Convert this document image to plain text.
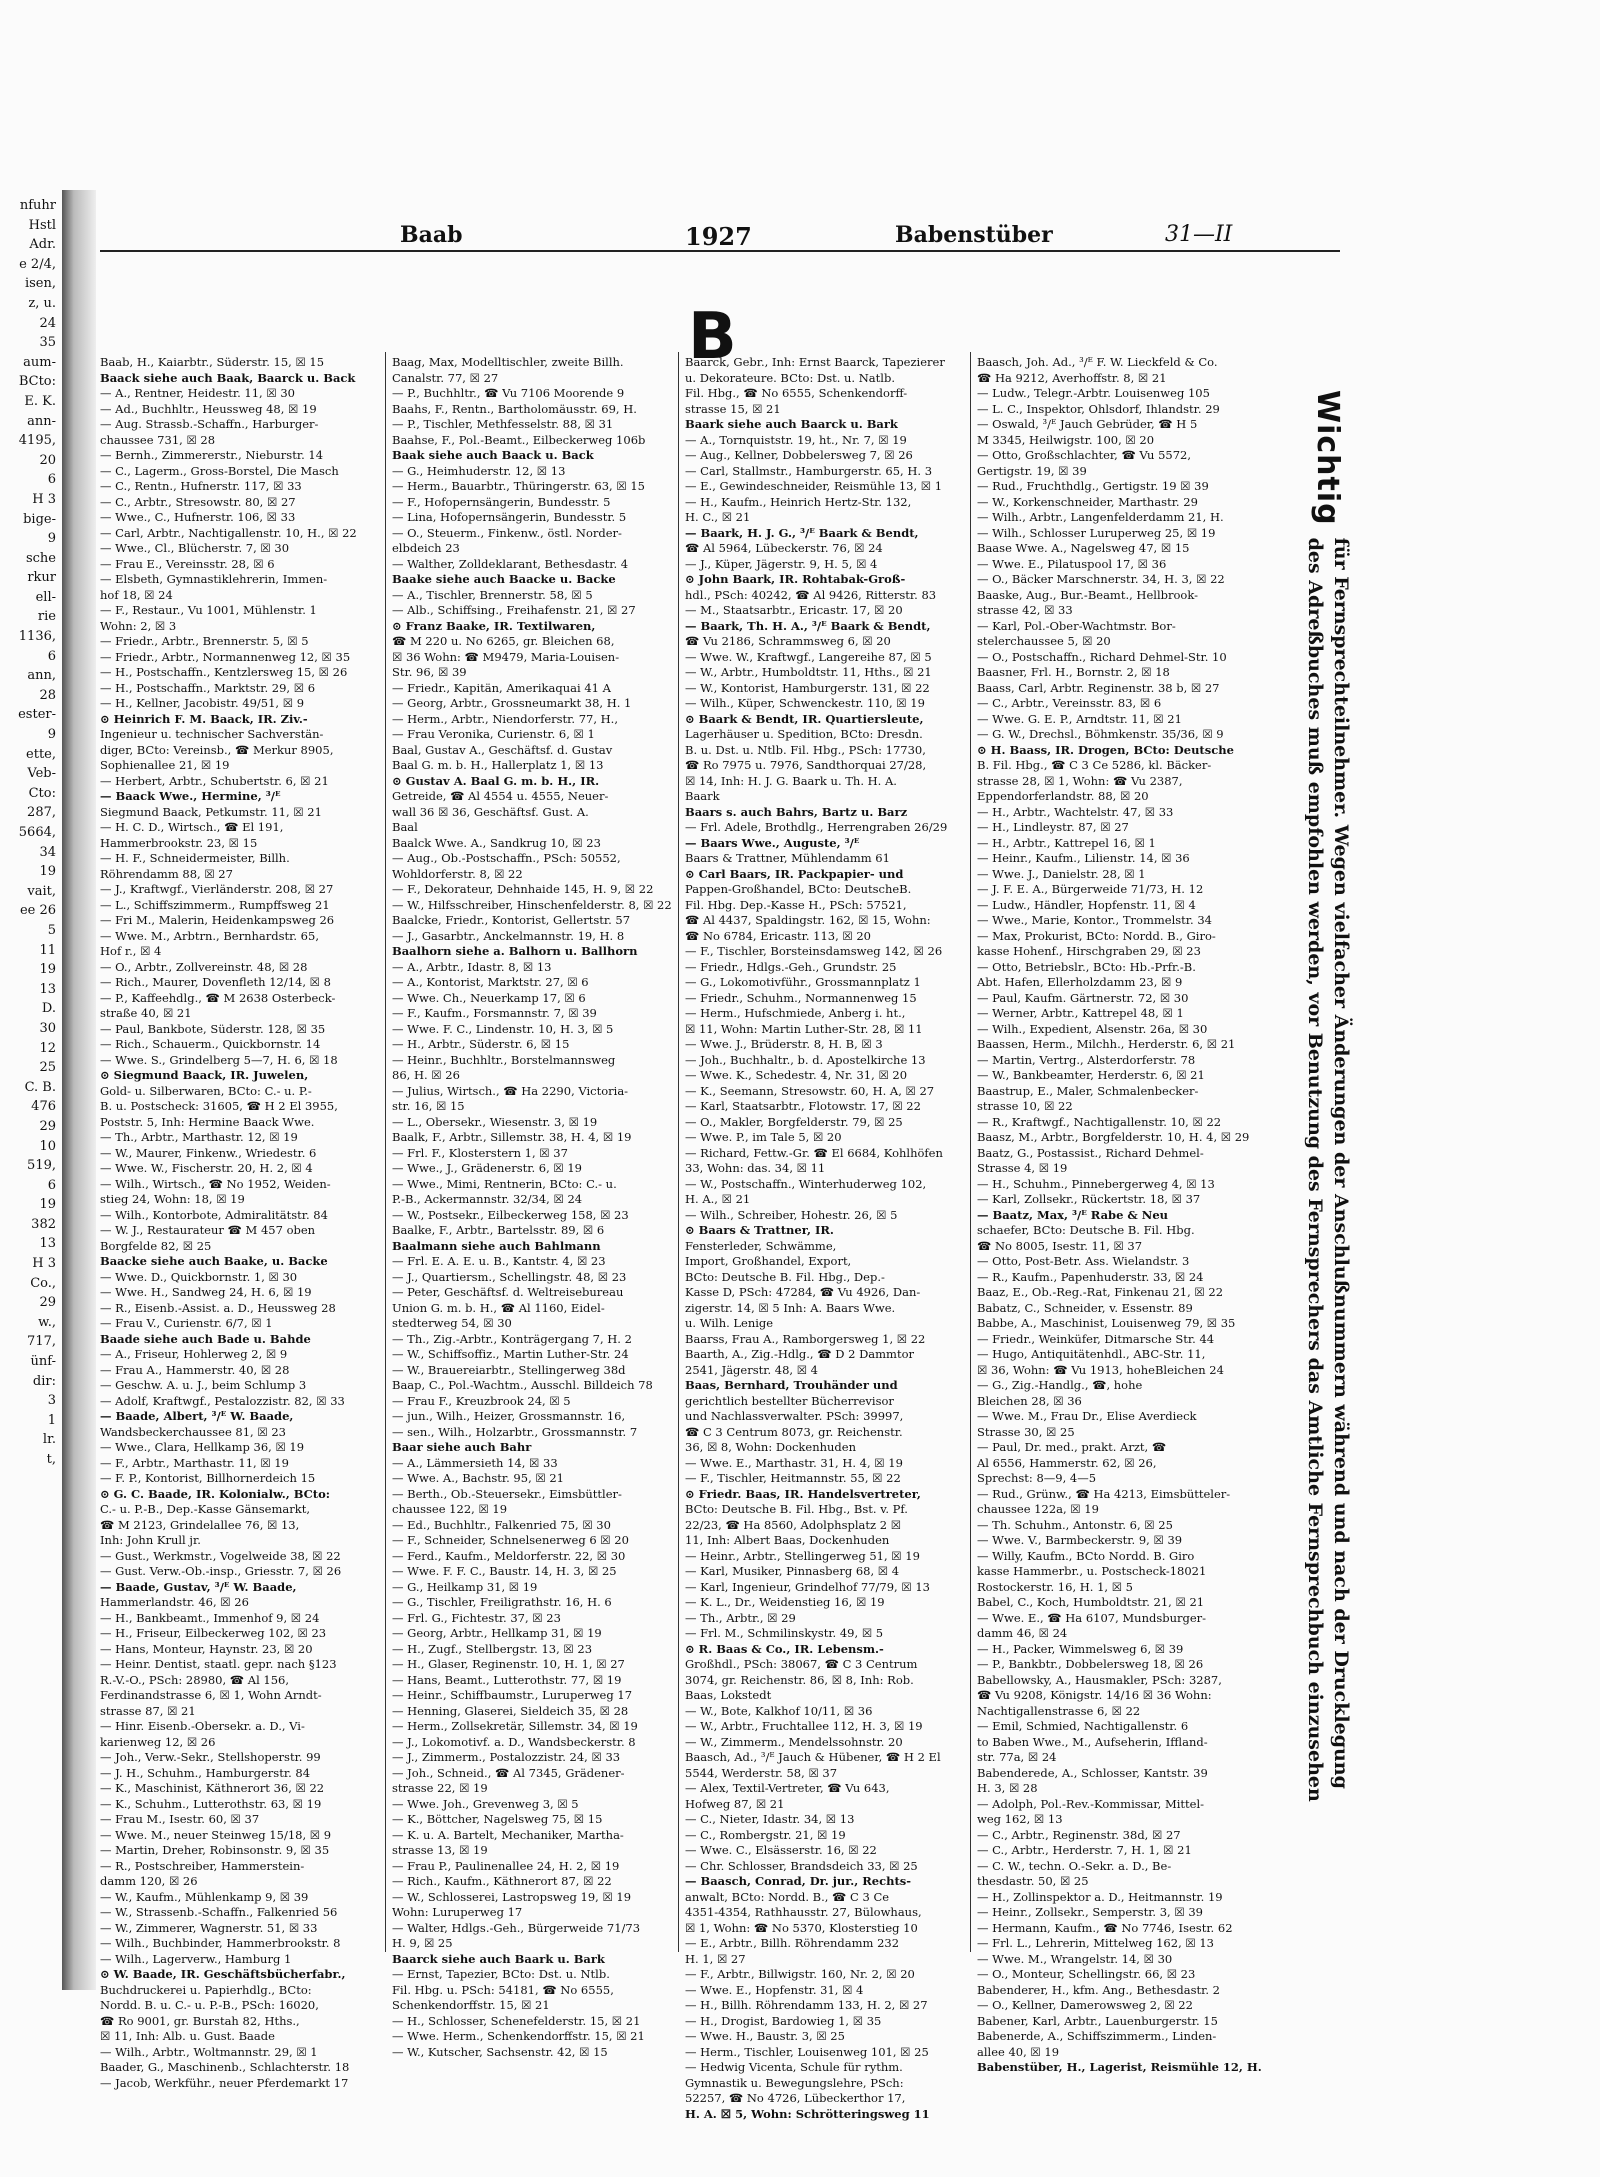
nfuhr
Hstl
Adr.
e 2/4,
isen,
z, u.
24
35
aum-
BCto:
E. K.
ann-
4195,
20
6
H 3
bige-
9
sche
rkur
ell-
rie
1136,
6
ann,
28
ester-
9
ette,
Veb-
Cto:
287,
5664,
34
19
vait,
ee 26
5
11
19
13
D.
30
12
25
C. B.
476
29
10
519,
6
19
382
13
H 3
Co.,
29
w.,
717,
ünf-
dir:
3
1
lr.
t,
Baab	1927	Babenstüber	31—II
B
Baab, H., Kaiarbtr., Süderstr. 15, ☒ 15
Baack siehe auch Baak, Baarck u. Back
— A., Rentner, Heidestr. 11, ☒ 30
— Ad., Buchhltr., Heussweg 48, ☒ 19
— Aug. Strassb.-Schaffn., Harburger-
chaussee 731, ☒ 28
— Bernh., Zimmererstr., Nieburstr. 14
— C., Lagerm., Gross-Borstel, Die Masch
— C., Rentn., Hufnerstr. 117, ☒ 33
— C., Arbtr., Stresowstr. 80, ☒ 27
— Wwe., C., Hufnerstr. 106, ☒ 33
— Carl, Arbtr., Nachtigallenstr. 10, H., ☒ 22
— Wwe., Cl., Blücherstr. 7, ☒ 30
— Frau E., Vereinsstr. 28, ☒ 6
— Elsbeth, Gymnastiklehrerin, Immen-
hof 18, ☒ 24
— F., Restaur., Vu 1001, Mühlenstr. 1
Wohn: 2, ☒ 3
— Friedr., Arbtr., Brennerstr. 5, ☒ 5
— Friedr., Arbtr., Normannenweg 12, ☒ 35
— H., Postschaffn., Kentzlersweg 15, ☒ 26
— H., Postschaffn., Marktstr. 29, ☒ 6
— H., Kellner, Jacobistr. 49/51, ☒ 9
⊙ Heinrich F. M. Baack, IR. Ziv.-
Ingenieur u. technischer Sachverstän-
diger, BCto: Vereinsb., ☎ Merkur 8905,
Sophienallee 21, ☒ 19
— Herbert, Arbtr., Schubertstr. 6, ☒ 21
— Baack Wwe., Hermine, ³/ᴱ
Siegmund Baack, Petkumstr. 11, ☒ 21
— H. C. D., Wirtsch., ☎ El 191,
Hammerbrookstr. 23, ☒ 15
— H. F., Schneidermeister, Billh.
Röhrendamm 88, ☒ 27
— J., Kraftwgf., Vierländerstr. 208, ☒ 27
— L., Schiffszimmerm., Rumpffsweg 21
— Fri M., Malerin, Heidenkampsweg 26
— Wwe. M., Arbtrn., Bernhardstr. 65,
Hof r., ☒ 4
— O., Arbtr., Zollvereinstr. 48, ☒ 28
— Rich., Maurer, Dovenfleth 12/14, ☒ 8
— P., Kaffeehdlg., ☎ M 2638 Osterbeck-
straße 40, ☒ 21
— Paul, Bankbote, Süderstr. 128, ☒ 35
— Rich., Schauerm., Quickbornstr. 14
— Wwe. S., Grindelberg 5—7, H. 6, ☒ 18
⊙ Siegmund Baack, IR. Juwelen,
Gold- u. Silberwaren, BCto: C.- u. P.-
B. u. Postscheck: 31605, ☎ H 2 El 3955,
Poststr. 5, Inh: Hermine Baack Wwe.
— Th., Arbtr., Marthastr. 12, ☒ 19
— W., Maurer, Finkenw., Wriedestr. 6
— Wwe. W., Fischerstr. 20, H. 2, ☒ 4
— Wilh., Wirtsch., ☎ No 1952, Weiden-
stieg 24, Wohn: 18, ☒ 19
— Wilh., Kontorbote, Admiralitätstr. 84
— W. J., Restaurateur ☎ M 457 oben
Borgfelde 82, ☒ 25
Baacke siehe auch Baake, u. Backe
— Wwe. D., Quickbornstr. 1, ☒ 30
— Wwe. H., Sandweg 24, H. 6, ☒ 19
— R., Eisenb.-Assist. a. D., Heussweg 28
— Frau V., Curienstr. 6/7, ☒ 1
Baade siehe auch Bade u. Bahde
— A., Friseur, Hohlerweg 2, ☒ 9
— Frau A., Hammerstr. 40, ☒ 28
— Geschw. A. u. J., beim Schlump 3
— Adolf, Kraftwgf., Pestalozzistr. 82, ☒ 33
— Baade, Albert, ³/ᴱ W. Baade,
Wandsbeckerchaussee 81, ☒ 23
— Wwe., Clara, Hellkamp 36, ☒ 19
— F., Arbtr., Marthastr. 11, ☒ 19
— F. P., Kontorist, Billhornerdeich 15
⊙ G. C. Baade, IR. Kolonialw., BCto:
C.- u. P.-B., Dep.-Kasse Gänsemarkt,
☎ M 2123, Grindelallee 76, ☒ 13,
Inh: John Krull jr.
— Gust., Werkmstr., Vogelweide 38, ☒ 22
— Gust. Verw.-Ob.-insp., Griesstr. 7, ☒ 26
— Baade, Gustav, ³/ᴱ W. Baade,
Hammerlandstr. 46, ☒ 26
— H., Bankbeamt., Immenhof 9, ☒ 24
— H., Friseur, Eilbeckerweg 102, ☒ 23
— Hans, Monteur, Haynstr. 23, ☒ 20
— Heinr. Dentist, staatl. gepr. nach §123
R.-V.-O., PSch: 28980, ☎ Al 156,
Ferdinandstrasse 6, ☒ 1, Wohn Arndt-
strasse 87, ☒ 21
— Hinr. Eisenb.-Obersekr. a. D., Vi-
karienweg 12, ☒ 26
— Joh., Verw.-Sekr., Stellshoperstr. 99
— J. H., Schuhm., Hamburgerstr. 84
— K., Maschinist, Käthnerort 36, ☒ 22
— K., Schuhm., Lutterothstr. 63, ☒ 19
— Frau M., Isestr. 60, ☒ 37
— Wwe. M., neuer Steinweg 15/18, ☒ 9
— Martin, Dreher, Robinsonstr. 9, ☒ 35
— R., Postschreiber, Hammerstein-
damm 120, ☒ 26
— W., Kaufm., Mühlenkamp 9, ☒ 39
— W., Strassenb.-Schaffn., Falkenried 56
— W., Zimmerer, Wagnerstr. 51, ☒ 33
— Wilh., Buchbinder, Hammerbrookstr. 8
— Wilh., Lagerverw., Hamburg 1
⊙ W. Baade, IR. Geschäftsbücherfabr.,
Buchdruckerei u. Papierhdlg., BCto:
Nordd. B. u. C.- u. P.-B., PSch: 16020,
☎ Ro 9001, gr. Burstah 82, Hths.,
☒ 11, Inh: Alb. u. Gust. Baade
— Wilh., Arbtr., Woltmannstr. 29, ☒ 1
Baader, G., Maschinenb., Schlachterstr. 18
— Jacob, Werkführ., neuer Pferdemarkt 17
Baag, Max, Modelltischler, zweite Billh.
Canalstr. 77, ☒ 27
— P., Buchhltr., ☎ Vu 7106 Moorende 9
Baahs, F., Rentn., Bartholomäusstr. 69, H.
— P., Tischler, Methfesselstr. 88, ☒ 31
Baahse, F., Pol.-Beamt., Eilbeckerweg 106b
Baak siehe auch Baack u. Back
— G., Heimhuderstr. 12, ☒ 13
— Herm., Bauarbtr., Thüringerstr. 63, ☒ 15
— F., Hofopernsängerin, Bundesstr. 5
— Lina, Hofopernsängerin, Bundesstr. 5
— O., Steuerm., Finkenw., östl. Norder-
elbdeich 23
— Walther, Zolldeklarant, Bethesdastr. 4
Baake siehe auch Baacke u. Backe
— A., Tischler, Brennerstr. 58, ☒ 5
— Alb., Schiffsing., Freihafenstr. 21, ☒ 27
⊙ Franz Baake, IR. Textilwaren,
☎ M 220 u. No 6265, gr. Bleichen 68,
☒ 36 Wohn: ☎ M9479, Maria-Louisen-
Str. 96, ☒ 39
— Friedr., Kapitän, Amerikaquai 41 A
— Georg, Arbtr., Grossneumarkt 38, H. 1
— Herm., Arbtr., Niendorferstr. 77, H.,
— Frau Veronika, Curienstr. 6, ☒ 1
Baal, Gustav A., Geschäftsf. d. Gustav
Baal G. m. b. H., Hallerplatz 1, ☒ 13
⊙ Gustav A. Baal G. m. b. H., IR.
Getreide, ☎ Al 4554 u. 4555, Neuer-
wall 36 ☒ 36, Geschäftsf. Gust. A.
Baal
Baalck Wwe. A., Sandkrug 10, ☒ 23
— Aug., Ob.-Postschaffn., PSch: 50552,
Wohldorferstr. 8, ☒ 22
— F., Dekorateur, Dehnhaide 145, H. 9, ☒ 22
— W., Hilfsschreiber, Hinschenfelderstr. 8, ☒ 22
Baalcke, Friedr., Kontorist, Gellertstr. 57
— J., Gasarbtr., Anckelmannstr. 19, H. 8
Baalhorn siehe a. Balhorn u. Ballhorn
— A., Arbtr., Idastr. 8, ☒ 13
— A., Kontorist, Marktstr. 27, ☒ 6
— Wwe. Ch., Neuerkamp 17, ☒ 6
— F., Kaufm., Forsmannstr. 7, ☒ 39
— Wwe. F. C., Lindenstr. 10, H. 3, ☒ 5
— H., Arbtr., Süderstr. 6, ☒ 15
— Heinr., Buchhltr., Borstelmannsweg
86, H. ☒ 26
— Julius, Wirtsch., ☎ Ha 2290, Victoria-
str. 16, ☒ 15
— L., Obersekr., Wiesenstr. 3, ☒ 19
Baalk, F., Arbtr., Sillemstr. 38, H. 4, ☒ 19
— Frl. F., Klosterstern 1, ☒ 37
— Wwe., J., Grädenerstr. 6, ☒ 19
— Wwe., Mimi, Rentnerin, BCto: C.- u.
P.-B., Ackermannstr. 32/34, ☒ 24
— W., Postsekr., Eilbeckerweg 158, ☒ 23
Baalke, F., Arbtr., Bartelsstr. 89, ☒ 6
Baalmann siehe auch Bahlmann
— Frl. E. A. E. u. B., Kantstr. 4, ☒ 23
— J., Quartiersm., Schellingstr. 48, ☒ 23
— Peter, Geschäftsf. d. Weltreisebureau
Union G. m. b. H., ☎ Al 1160, Eidel-
stedterweg 54, ☒ 30
— Th., Zig.-Arbtr., Konträgergang 7, H. 2
— W., Schiffsoffiz., Martin Luther-Str. 24
— W., Brauereiarbtr., Stellingerweg 38d
Baap, C., Pol.-Wachtm., Ausschl. Billdeich 78
— Frau F., Kreuzbrook 24, ☒ 5
— jun., Wilh., Heizer, Grossmannstr. 16,
— sen., Wilh., Holzarbtr., Grossmannstr. 7
Baar siehe auch Bahr
— A., Lämmersieth 14, ☒ 33
— Wwe. A., Bachstr. 95, ☒ 21
— Berth., Ob.-Steuersekr., Eimsbüttler-
chaussee 122, ☒ 19
— Ed., Buchhltr., Falkenried 75, ☒ 30
— F., Schneider, Schnelsenerweg 6 ☒ 20
— Ferd., Kaufm., Meldorferstr. 22, ☒ 30
— Wwe. F. F. C., Baustr. 14, H. 3, ☒ 25
— G., Heilkamp 31, ☒ 19
— G., Tischler, Freiligrathstr. 16, H. 6
— Frl. G., Fichtestr. 37, ☒ 23
— Georg, Arbtr., Hellkamp 31, ☒ 19
— H., Zugf., Stellbergstr. 13, ☒ 23
— H., Glaser, Reginenstr. 10, H. 1, ☒ 27
— Hans, Beamt., Lutterothstr. 77, ☒ 19
— Heinr., Schiffbaumstr., Luruperweg 17
— Henning, Glaserei, Sieldeich 35, ☒ 28
— Herm., Zollsekretär, Sillemstr. 34, ☒ 19
— J., Lokomotivf. a. D., Wandsbeckerstr. 8
— J., Zimmerm., Postalozzistr. 24, ☒ 33
— Joh., Schneid., ☎ Al 7345, Grädener-
strasse 22, ☒ 19
— Wwe. Joh., Grevenweg 3, ☒ 5
— K., Böttcher, Nagelsweg 75, ☒ 15
— K. u. A. Bartelt, Mechaniker, Martha-
strasse 13, ☒ 19
— Frau P., Paulinenallee 24, H. 2, ☒ 19
— Rich., Kaufm., Käthnerort 87, ☒ 22
— W., Schlosserei, Lastropsweg 19, ☒ 19
Wohn: Luruperweg 17
— Walter, Hdlgs.-Geh., Bürgerweide 71/73
H. 9, ☒ 25
Baarck siehe auch Baark u. Bark
— Ernst, Tapezier, BCto: Dst. u. Ntlb.
Fil. Hbg. u. PSch: 54181, ☎ No 6555,
Schenkendorffstr. 15, ☒ 21
— H., Schlosser, Schenefelderstr. 15, ☒ 21
— Wwe. Herm., Schenkendorffstr. 15, ☒ 21
— W., Kutscher, Sachsenstr. 42, ☒ 15
Baarck, Gebr., Inh: Ernst Baarck, Tapezierer
u. Dekorateure. BCto: Dst. u. Natlb.
Fil. Hbg., ☎ No 6555, Schenkendorff-
strasse 15, ☒ 21
Baark siehe auch Baarck u. Bark
— A., Tornquiststr. 19, ht., Nr. 7, ☒ 19
— Aug., Kellner, Dobbelersweg 7, ☒ 26
— Carl, Stallmstr., Hamburgerstr. 65, H. 3
— E., Gewindeschneider, Reismühle 13, ☒ 1
— H., Kaufm., Heinrich Hertz-Str. 132,
H. C., ☒ 21
— Baark, H. J. G., ³/ᴱ Baark & Bendt,
☎ Al 5964, Lübeckerstr. 76, ☒ 24
— J., Küper, Jägerstr. 9, H. 5, ☒ 4
⊙ John Baark, IR. Rohtabak-Groß-
hdl., PSch: 40242, ☎ Al 9426, Ritterstr. 83
— M., Staatsarbtr., Ericastr. 17, ☒ 20
— Baark, Th. H. A., ³/ᴱ Baark & Bendt,
☎ Vu 2186, Schrammsweg 6, ☒ 20
— Wwe. W., Kraftwgf., Langereihe 87, ☒ 5
— W., Arbtr., Humboldtstr. 11, Hths., ☒ 21
— W., Kontorist, Hamburgerstr. 131, ☒ 22
— Wilh., Küper, Schwenckestr. 110, ☒ 19
⊙ Baark & Bendt, IR. Quartiersleute,
Lagerhäuser u. Spedition, BCto: Dresdn.
B. u. Dst. u. Ntlb. Fil. Hbg., PSch: 17730,
☎ Ro 7975 u. 7976, Sandthorquai 27/28,
☒ 14, Inh: H. J. G. Baark u. Th. H. A.
Baark
Baars s. auch Bahrs, Bartz u. Barz
— Frl. Adele, Brothdlg., Herrengraben 26/29
— Baars Wwe., Auguste, ³/ᴱ
Baars & Trattner, Mühlendamm 61
⊙ Carl Baars, IR. Packpapier- und
Pappen-Großhandel, BCto: DeutscheB.
Fil. Hbg. Dep.-Kasse H., PSch: 57521,
☎ Al 4437, Spaldingstr. 162, ☒ 15, Wohn:
☎ No 6784, Ericastr. 113, ☒ 20
— F., Tischler, Borsteinsdamsweg 142, ☒ 26
— Friedr., Hdlgs.-Geh., Grundstr. 25
— G., Lokomotivführ., Grossmannplatz 1
— Friedr., Schuhm., Normannenweg 15
— Herm., Hufschmiede, Anberg i. ht.,
☒ 11, Wohn: Martin Luther-Str. 28, ☒ 11
— Wwe. J., Brüderstr. 8, H. B, ☒ 3
— Joh., Buchhaltr., b. d. Apostelkirche 13
— Wwe. K., Schedestr. 4, Nr. 31, ☒ 20
— K., Seemann, Stresowstr. 60, H. A, ☒ 27
— Karl, Staatsarbtr., Flotowstr. 17, ☒ 22
— O., Makler, Borgfelderstr. 79, ☒ 25
— Wwe. P., im Tale 5, ☒ 20
— Richard, Fettw.-Gr. ☎ El 6684, Kohlhöfen
33, Wohn: das. 34, ☒ 11
— W., Postschaffn., Winterhuderweg 102,
H. A., ☒ 21
— Wilh., Schreiber, Hohestr. 26, ☒ 5
⊙ Baars & Trattner, IR.
Fensterleder, Schwämme,
Import, Großhandel, Export,
BCto: Deutsche B. Fil. Hbg., Dep.-
Kasse D, PSch: 47284, ☎ Vu 4926, Dan-
zigerstr. 14, ☒ 5 Inh: A. Baars Wwe.
u. Wilh. Lenige
Baarss, Frau A., Ramborgersweg 1, ☒ 22
Baarth, A., Zig.-Hdlg., ☎ D 2 Dammtor
2541, Jägerstr. 48, ☒ 4
Baas, Bernhard, Trouhänder und
gerichtlich bestellter Bücherrevisor
und Nachlassverwalter. PSch: 39997,
☎ C 3 Centrum 8073, gr. Reichenstr.
36, ☒ 8, Wohn: Dockenhuden
— Wwe. E., Marthastr. 31, H. 4, ☒ 19
— F., Tischler, Heitmannstr. 55, ☒ 22
⊙ Friedr. Baas, IR. Handelsvertreter,
BCto: Deutsche B. Fil. Hbg., Bst. v. Pf.
22/23, ☎ Ha 8560, Adolphsplatz 2 ☒
11, Inh: Albert Baas, Dockenhuden
— Heinr., Arbtr., Stellingerweg 51, ☒ 19
— Karl, Musiker, Pinnasberg 68, ☒ 4
— Karl, Ingenieur, Grindelhof 77/79, ☒ 13
— K. L., Dr., Weidenstieg 16, ☒ 19
— Th., Arbtr., ☒ 29
— Frl. M., Schmilinskystr. 49, ☒ 5
⊙ R. Baas & Co., IR. Lebensm.-
Großhdl., PSch: 38067, ☎ C 3 Centrum
3074, gr. Reichenstr. 86, ☒ 8, Inh: Rob.
Baas, Lokstedt
— W., Bote, Kalkhof 10/11, ☒ 36
— W., Arbtr., Fruchtallee 112, H. 3, ☒ 19
— W., Zimmerm., Mendelssohnstr. 20
Baasch, Ad., ³/ᴱ Jauch & Hübener, ☎ H 2 El
5544, Werderstr. 58, ☒ 37
— Alex, Textil-Vertreter, ☎ Vu 643,
Hofweg 87, ☒ 21
— C., Nieter, Idastr. 34, ☒ 13
— C., Rombergstr. 21, ☒ 19
— Wwe. C., Elsässerstr. 16, ☒ 22
— Chr. Schlosser, Brandsdeich 33, ☒ 25
— Baasch, Conrad, Dr. jur., Rechts-
anwalt, BCto: Nordd. B., ☎ C 3 Ce
4351-4354, Rathhausstr. 27, Bülowhaus,
☒ 1, Wohn: ☎ No 5370, Klosterstieg 10
— E., Arbtr., Billh. Röhrendamm 232
H. 1, ☒ 27
— F., Arbtr., Billwigstr. 160, Nr. 2, ☒ 20
— Wwe. E., Hopfenstr. 31, ☒ 4
— H., Billh. Röhrendamm 133, H. 2, ☒ 27
— H., Drogist, Bardowieg 1, ☒ 35
— Wwe. H., Baustr. 3, ☒ 25
— Herm., Tischler, Louisenweg 101, ☒ 25
— Hedwig Vicenta, Schule für rythm.
Gymnastik u. Bewegungslehre, PSch:
52257, ☎ No 4726, Lübeckerthor 17,
H. A. ☒ 5, Wohn: Schrötteringsweg 11
Baasch, Joh. Ad., ³/ᴱ F. W. Lieckfeld & Co.
☎ Ha 9212, Averhoffstr. 8, ☒ 21
— Ludw., Telegr.-Arbtr. Louisenweg 105
— L. C., Inspektor, Ohlsdorf, Ihlandstr. 29
— Oswald, ³/ᴱ Jauch Gebrüder, ☎ H 5
M 3345, Heilwigstr. 100, ☒ 20
— Otto, Großschlachter, ☎ Vu 5572,
Gertigstr. 19, ☒ 39
— Rud., Fruchthdlg., Gertigstr. 19 ☒ 39
— W., Korkenschneider, Marthastr. 29
— Wilh., Arbtr., Langenfelderdamm 21, H.
— Wilh., Schlosser Luruperweg 25, ☒ 19
Baase Wwe. A., Nagelsweg 47, ☒ 15
— Wwe. E., Pilatuspool 17, ☒ 36
— O., Bäcker Marschnerstr. 34, H. 3, ☒ 22
Baaske, Aug., Bur.-Beamt., Hellbrook-
strasse 42, ☒ 33
— Karl, Pol.-Ober-Wachtmstr. Bor-
stelerchaussee 5, ☒ 20
— O., Postschaffn., Richard Dehmel-Str. 10
Baasner, Frl. H., Bornstr. 2, ☒ 18
Baass, Carl, Arbtr. Reginenstr. 38 b, ☒ 27
— C., Arbtr., Vereinsstr. 83, ☒ 6
— Wwe. G. E. P., Arndtstr. 11, ☒ 21
— G. W., Drechsl., Böhmkenstr. 35/36, ☒ 9
⊙ H. Baass, IR. Drogen, BCto: Deutsche
B. Fil. Hbg., ☎ C 3 Ce 5286, kl. Bäcker-
strasse 28, ☒ 1, Wohn: ☎ Vu 2387,
Eppendorferlandstr. 88, ☒ 20
— H., Arbtr., Wachtelstr. 47, ☒ 33
— H., Lindleystr. 87, ☒ 27
— H., Arbtr., Kattrepel 16, ☒ 1
— Heinr., Kaufm., Lilienstr. 14, ☒ 36
— Wwe. J., Danielstr. 28, ☒ 1
— J. F. E. A., Bürgerweide 71/73, H. 12
— Ludw., Händler, Hopfenstr. 11, ☒ 4
— Wwe., Marie, Kontor., Trommelstr. 34
— Max, Prokurist, BCto: Nordd. B., Giro-
kasse Hohenf., Hirschgraben 29, ☒ 23
— Otto, Betriebslr., BCto: Hb.-Prfr.-B.
Abt. Hafen, Ellerholzdamm 23, ☒ 9
— Paul, Kaufm. Gärtnerstr. 72, ☒ 30
— Werner, Arbtr., Kattrepel 48, ☒ 1
— Wilh., Expedient, Alsenstr. 26a, ☒ 30
Baassen, Herm., Milchh., Herderstr. 6, ☒ 21
— Martin, Vertrg., Alsterdorferstr. 78
— W., Bankbeamter, Herderstr. 6, ☒ 21
Baastrup, E., Maler, Schmalenbecker-
strasse 10, ☒ 22
— R., Kraftwgf., Nachtigallenstr. 10, ☒ 22
Baasz, M., Arbtr., Borgfelderstr. 10, H. 4, ☒ 29
Baatz, G., Postassist., Richard Dehmel-
Strasse 4, ☒ 19
— H., Schuhm., Pinnebergerweg 4, ☒ 13
— Karl, Zollsekr., Rückertstr. 18, ☒ 37
— Baatz, Max, ³/ᴱ Rabe & Neu
schaefer, BCto: Deutsche B. Fil. Hbg.
☎ No 8005, Isestr. 11, ☒ 37
— Otto, Post-Betr. Ass. Wielandstr. 3
— R., Kaufm., Papenhuderstr. 33, ☒ 24
Baaz, E., Ob.-Reg.-Rat, Finkenau 21, ☒ 22
Babatz, C., Schneider, v. Essenstr. 89
Babbe, A., Maschinist, Louisenweg 79, ☒ 35
— Friedr., Weinküfer, Ditmarsche Str. 44
— Hugo, Antiquitätenhdl., ABC-Str. 11,
☒ 36, Wohn: ☎ Vu 1913, hoheBleichen 24
— G., Zig.-Handlg., ☎, hohe
Bleichen 28, ☒ 36
— Wwe. M., Frau Dr., Elise Averdieck
Strasse 30, ☒ 25
— Paul, Dr. med., prakt. Arzt, ☎
Al 6556, Hammerstr. 62, ☒ 26,
Sprechst: 8—9, 4—5
— Rud., Grünw., ☎ Ha 4213, Eimsbütteler-
chaussee 122a, ☒ 19
— Th. Schuhm., Antonstr. 6, ☒ 25
— Wwe. V., Barmbeckerstr. 9, ☒ 39
— Willy, Kaufm., BCto Nordd. B. Giro
kasse Hammerbr., u. Postscheck-18021
Rostockerstr. 16, H. 1, ☒ 5
Babel, C., Koch, Humboldtstr. 21, ☒ 21
— Wwe. E., ☎ Ha 6107, Mundsburger-
damm 46, ☒ 24
— H., Packer, Wimmelsweg 6, ☒ 39
— P., Bankbtr., Dobbelersweg 18, ☒ 26
Babellowsky, A., Hausmakler, PSch: 3287,
☎ Vu 9208, Königstr. 14/16 ☒ 36 Wohn:
Nachtigallenstrasse 6, ☒ 22
— Emil, Schmied, Nachtigallenstr. 6
to Baben Wwe., M., Aufseherin, Iffland-
str. 77a, ☒ 24
Babenderede, A., Schlosser, Kantstr. 39
H. 3, ☒ 28
— Adolph, Pol.-Rev.-Kommissar, Mittel-
weg 162, ☒ 13
— C., Arbtr., Reginenstr. 38d, ☒ 27
— C., Arbtr., Herderstr. 7, H. 1, ☒ 21
— C. W., techn. O.-Sekr. a. D., Be-
thesdastr. 50, ☒ 25
— H., Zollinspektor a. D., Heitmannstr. 19
— Heinr., Zollsekr., Semperstr. 3, ☒ 39
— Hermann, Kaufm., ☎ No 7746, Isestr. 62
— Frl. L., Lehrerin, Mittelweg 162, ☒ 13
— Wwe. M., Wrangelstr. 14, ☒ 30
— O., Monteur, Schellingstr. 66, ☒ 23
Babenderer, H., kfm. Ang., Bethesdastr. 2
— O., Kellner, Damerowsweg 2, ☒ 22
Babener, Karl, Arbtr., Lauenburgerstr. 15
Babenerde, A., Schiffszimmerm., Linden-
allee 40, ☒ 19
Babenstüber, H., Lagerist, Reismühle 12, H.
Wichtig
für Fernsprechteilnehmer. Wegen vielfacher Änderungen der Anschlußnummern während und nach der Drucklegung
des Adreßbuches muß empfohlen werden, vor Benutzung des Fernsprechers das Amtliche Fernsprechbuch einzusehen
